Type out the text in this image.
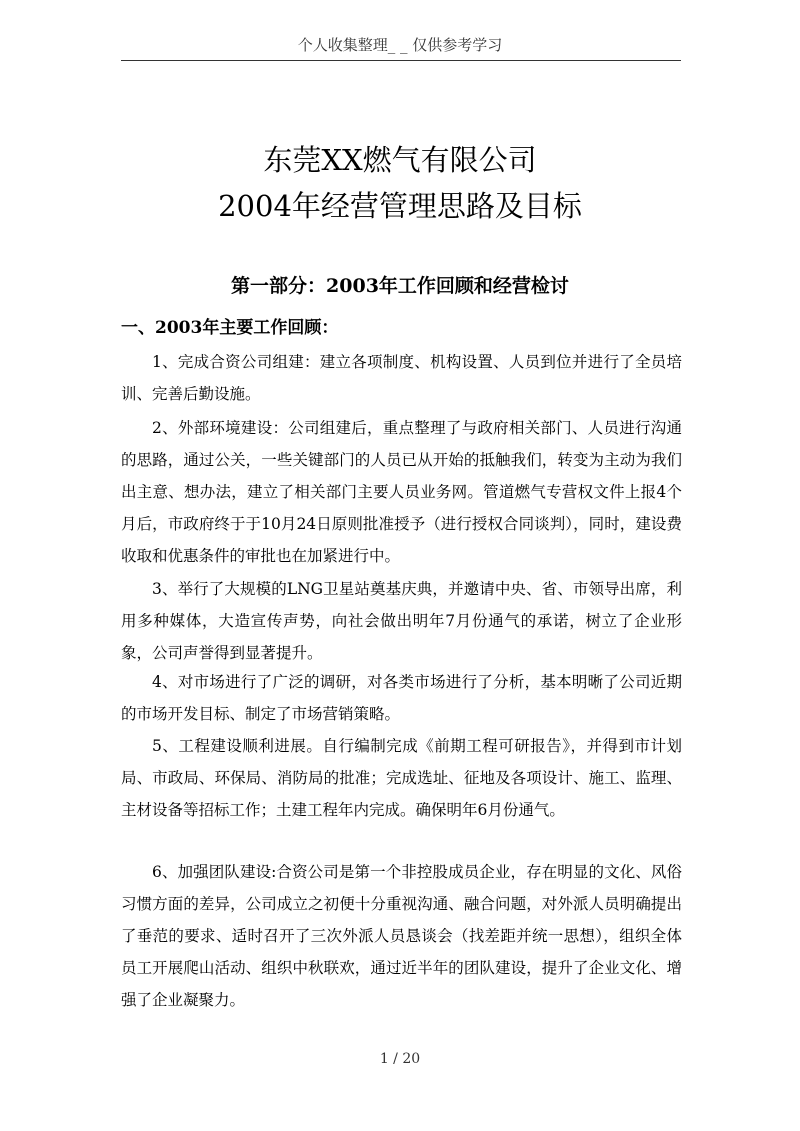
个人收集整理_ _ 仅供参考学习
东莞XX燃气有限公司
2004年经营管理思路及目标
第一部分：2003年工作回顾和经营检讨
一、2003年主要工作回顾：

1、完成合资公司组建：建立各项制度、机构设置、人员到位并进行了全员培训、完善后勤设施。

2、外部环境建设：公司组建后，重点整理了与政府相关部门、人员进行沟通的思路，通过公关，一些关键部门的人员已从开始的抵触我们，转变为主动为我们出主意、想办法，建立了相关部门主要人员业务网。管道燃气专营权文件上报4个月后，市政府终于于10月24日原则批准授予（进行授权合同谈判），同时，建设费收取和优惠条件的审批也在加紧进行中。

3、举行了大规模的LNG卫星站奠基庆典，并邀请中央、省、市领导出席，利用多种媒体，大造宣传声势，向社会做出明年7月份通气的承诺，树立了企业形象，公司声誉得到显著提升。

4、对市场进行了广泛的调研，对各类市场进行了分析，基本明晰了公司近期的市场开发目标、制定了市场营销策略。

5、工程建设顺利进展。自行编制完成《前期工程可研报告》，并得到市计划局、市政局、环保局、消防局的批准；完成选址、征地及各项设计、施工、监理、主材设备等招标工作；土建工程年内完成。确保明年6月份通气。

6、加强团队建设:合资公司是第一个非控股成员企业，存在明显的文化、风俗习惯方面的差异，公司成立之初便十分重视沟通、融合问题，对外派人员明确提出了垂范的要求、适时召开了三次外派人员恳谈会（找差距并统一思想），组织全体员工开展爬山活动、组织中秋联欢，通过近半年的团队建设，提升了企业文化、增强了企业凝聚力。

1 / 20
